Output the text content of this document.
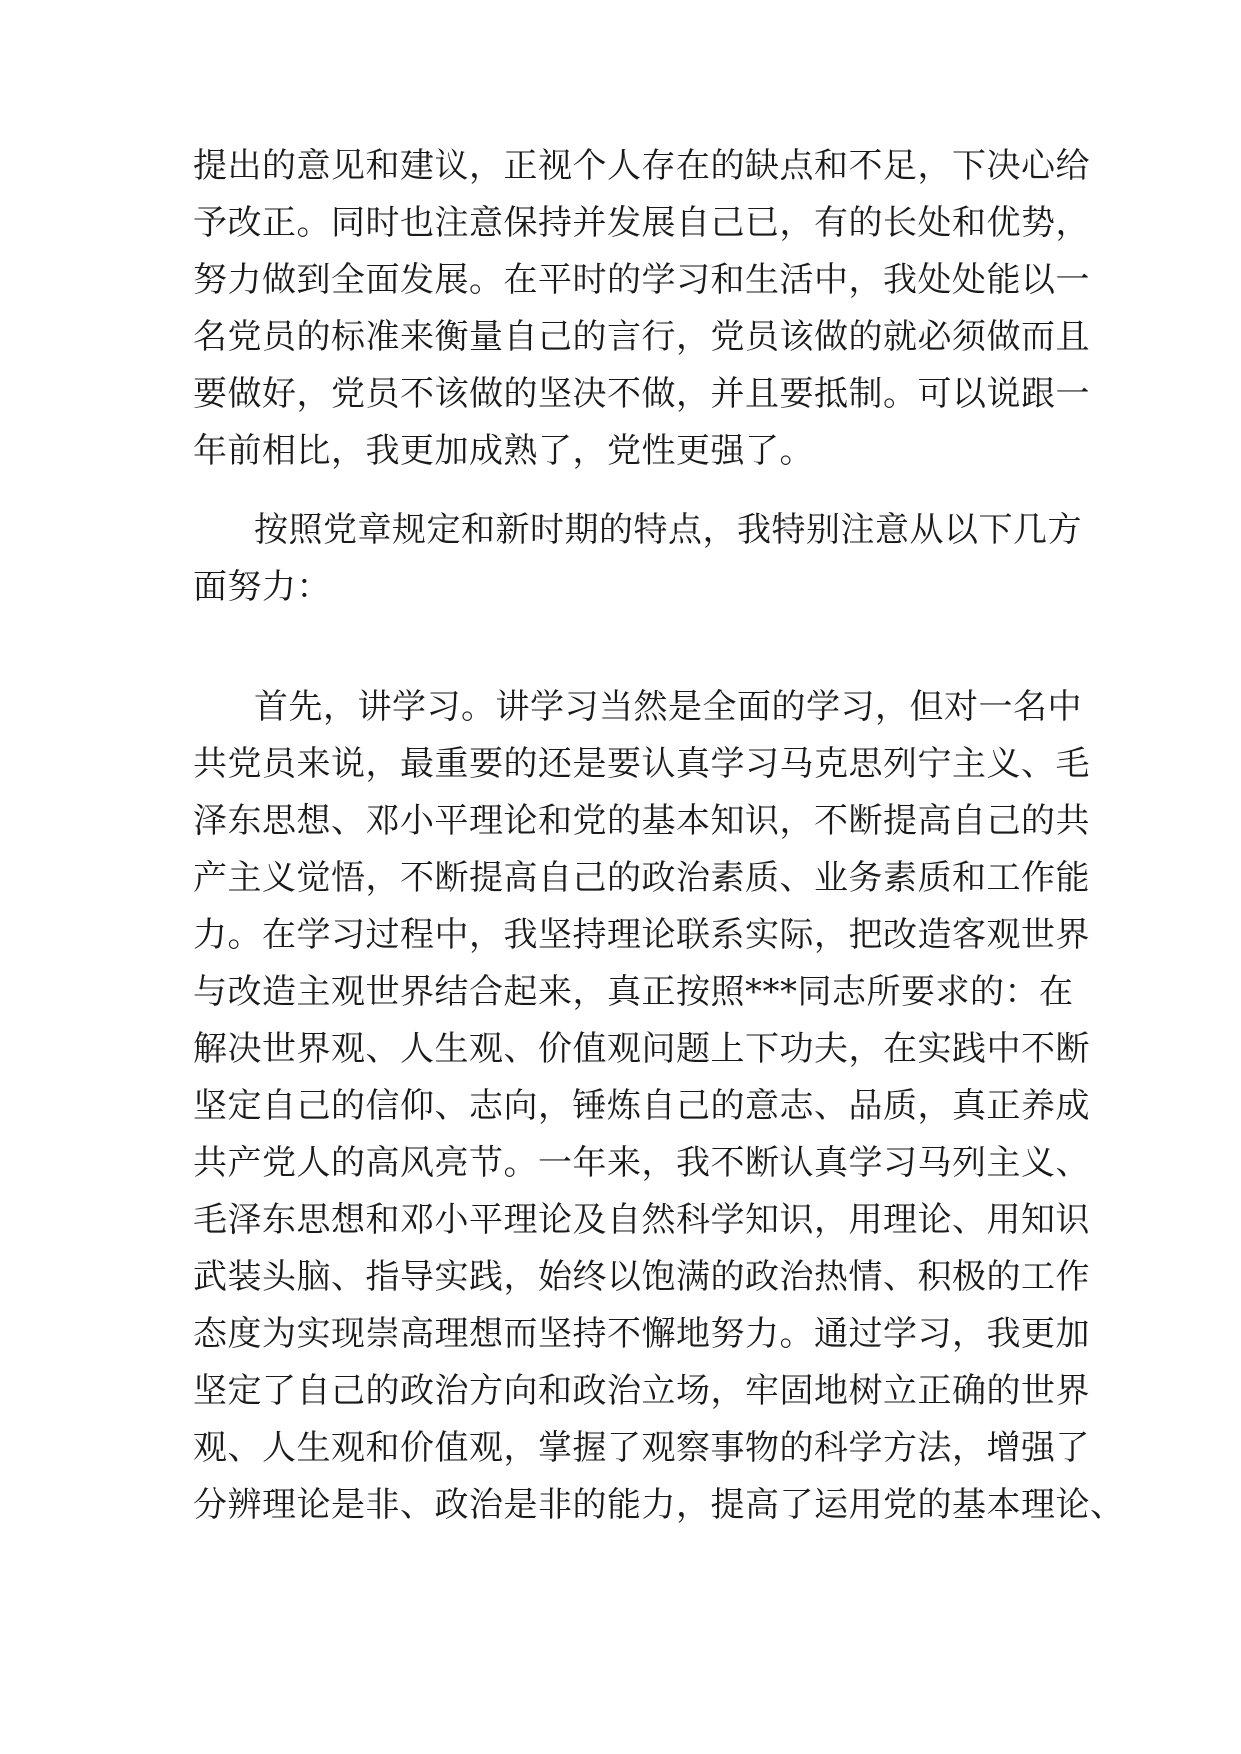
提出的意见和建议，正视个人存在的缺点和不足，下决心给
予改正。同时也注意保持并发展自己已，有的长处和优势，
努力做到全面发展。在平时的学习和生活中，我处处能以一
名党员的标准来衡量自己的言行，党员该做的就必须做而且
要做好，党员不该做的坚决不做，并且要抵制。可以说跟一
年前相比，我更加成熟了，党性更强了。
按照党章规定和新时期的特点，我特别注意从以下几方
面努力：
首先，讲学习。讲学习当然是全面的学习，但对一名中
共党员来说，最重要的还是要认真学习马克思列宁主义、毛
泽东思想、邓小平理论和党的基本知识，不断提高自己的共
产主义觉悟，不断提高自己的政治素质、业务素质和工作能
力。在学习过程中，我坚持理论联系实际，把改造客观世界
与改造主观世界结合起来，真正按照***同志所要求的：在
解决世界观、人生观、价值观问题上下功夫，在实践中不断
坚定自己的信仰、志向，锤炼自己的意志、品质，真正养成
共产党人的高风亮节。一年来，我不断认真学习马列主义、
毛泽东思想和邓小平理论及自然科学知识，用理论、用知识
武装头脑、指导实践，始终以饱满的政治热情、积极的工作
态度为实现崇高理想而坚持不懈地努力。通过学习，我更加
坚定了自己的政治方向和政治立场，牢固地树立正确的世界
观、人生观和价值观，掌握了观察事物的科学方法，增强了
分辨理论是非、政治是非的能力，提高了运用党的基本理论、
